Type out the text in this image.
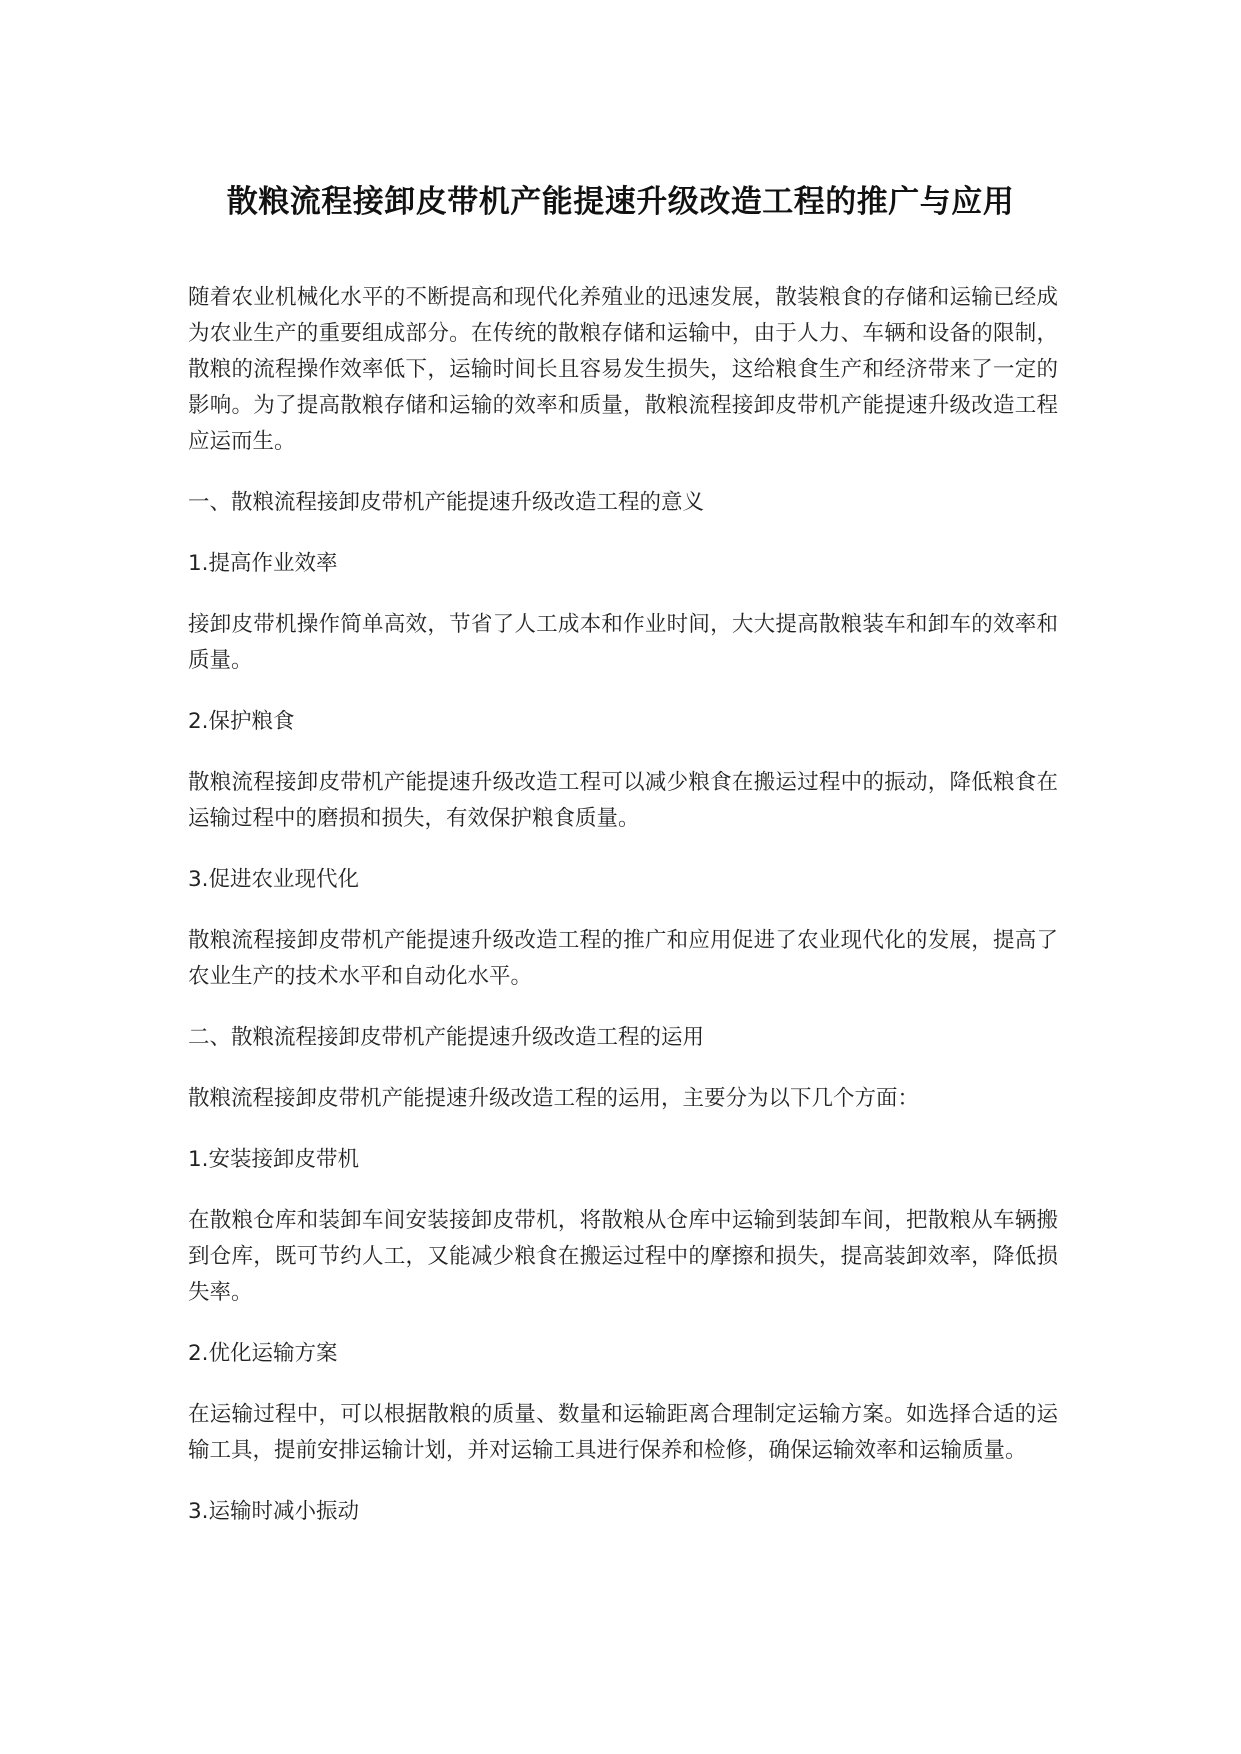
散粮流程接卸皮带机产能提速升级改造工程的推广与应用

随着农业机械化水平的不断提高和现代化养殖业的迅速发展，散装粮食的存储和运输已经成为农业生产的重要组成部分。在传统的散粮存储和运输中，由于人力、车辆和设备的限制，散粮的流程操作效率低下，运输时间长且容易发生损失，这给粮食生产和经济带来了一定的影响。为了提高散粮存储和运输的效率和质量，散粮流程接卸皮带机产能提速升级改造工程应运而生。

一、散粮流程接卸皮带机产能提速升级改造工程的意义

1.提高作业效率

接卸皮带机操作简单高效，节省了人工成本和作业时间，大大提高散粮装车和卸车的效率和质量。

2.保护粮食

散粮流程接卸皮带机产能提速升级改造工程可以减少粮食在搬运过程中的振动，降低粮食在运输过程中的磨损和损失，有效保护粮食质量。

3.促进农业现代化

散粮流程接卸皮带机产能提速升级改造工程的推广和应用促进了农业现代化的发展，提高了农业生产的技术水平和自动化水平。

二、散粮流程接卸皮带机产能提速升级改造工程的运用

散粮流程接卸皮带机产能提速升级改造工程的运用，主要分为以下几个方面：

1.安装接卸皮带机

在散粮仓库和装卸车间安装接卸皮带机，将散粮从仓库中运输到装卸车间，把散粮从车辆搬到仓库，既可节约人工，又能减少粮食在搬运过程中的摩擦和损失，提高装卸效率，降低损失率。

2.优化运输方案

在运输过程中，可以根据散粮的质量、数量和运输距离合理制定运输方案。如选择合适的运输工具，提前安排运输计划，并对运输工具进行保养和检修，确保运输效率和运输质量。

3.运输时减小振动
